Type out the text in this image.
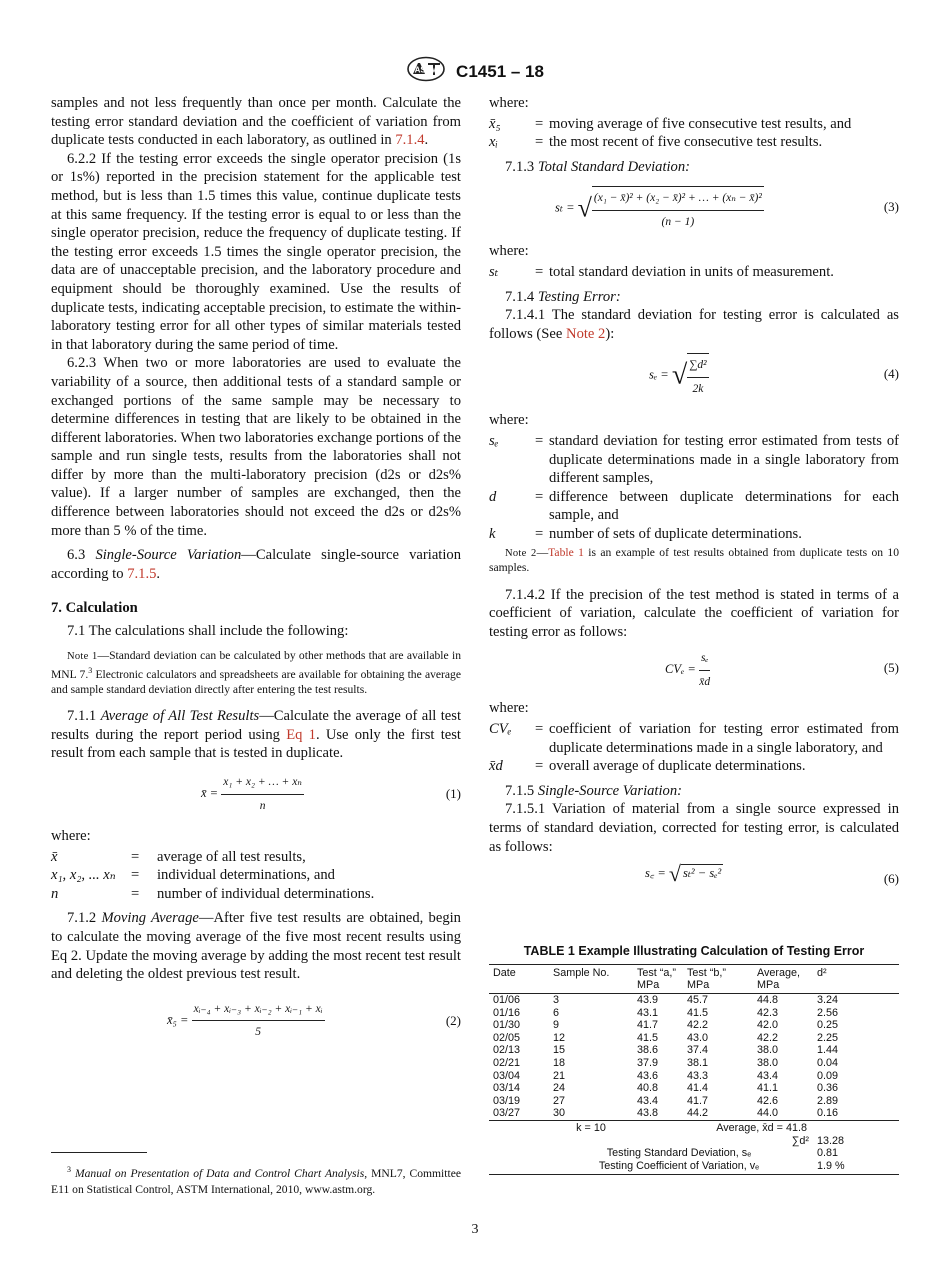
ASTM C1451 – 18

samples and not less frequently than once per month. Calculate the testing error standard deviation and the coefficient of variation from duplicate tests conducted in each laboratory, as outlined in 7.1.4.

6.2.2 If the testing error exceeds the single operator precision (1s or 1s%) reported in the precision statement for the applicable test method, but is less than 1.5 times this value, continue duplicate tests at this same frequency. If the testing error is equal to or less than the single operator precision, reduce the frequency of duplicate testing. If the testing error exceeds 1.5 times the single operator precision, the data are of unacceptable precision, and the laboratory procedure and equipment should be thoroughly examined. Use the results of duplicate tests, indicating acceptable precision, to estimate the within-laboratory testing error for all other types of similar materials tested in that laboratory during the same period of time.

6.2.3 When two or more laboratories are used to evaluate the variability of a source, then additional tests of a standard sample or exchanged portions of the same sample may be necessary to determine differences in testing that are likely to be obtained in the different laboratories. When two laboratories exchange portions of the sample and run single tests, results from the laboratories shall not differ by more than the multi-laboratory precision (d2s or d2s% value). If a larger number of samples are exchanged, then the difference between laboratories should not exceed the d2s or d2s% more than 5 % of the time.

6.3 Single-Source Variation—Calculate single-source variation according to 7.1.5.

7. Calculation

7.1 The calculations shall include the following:

Note 1—Standard deviation can be calculated by other methods that are available in MNL 7.$^3$ Electronic calculators and spreadsheets are available for obtaining the average and sample standard deviation directly after entering the test results.

7.1.1 Average of All Test Results—Calculate the average of all test results during the report period using Eq 1. Use only the first test result from each sample that is tested in duplicate.

x̄ = $\frac{\text{x₁ + x₂ + … + xₙ}}{n}$	(1)

where:

x̄	=	average of all test results,
x₁, x₂, ... xₙ	=	individual determinations, and
n	=	number of individual determinations.

7.1.2 Moving Average—After five test results are obtained, begin to calculate the moving average of the five most recent results using Eq 2. Update the moving average by adding the most recent test result and deleting the oldest previous test result.

x̄₅ = $\frac{\text{xᵢ₋₄ + xᵢ₋₃ + xᵢ₋₂ + xᵢ₋₁ + xᵢ}}{5}$	(2)
$^3$ Manual on Presentation of Data and Control Chart Analysis, MNL7, Committee E11 on Statistical Control, ASTM International, 2010, www.astm.org.

where:

x̄₅	= moving average of five consecutive test results, and
xᵢ	= the most recent of five consecutive test results.

7.1.3 Total Standard Deviation:

sₜ = √ $\frac{\text{(x₁ − x̄)² + (x₂ − x̄)² + … + (xₙ − x̄)²}}{(n - 1)}$	(3)

where:

sₜ	= total standard deviation in units of measurement.

7.1.4 Testing Error:

7.1.4.1 The standard deviation for testing error is calculated as follows (See Note 2):

sₑ = √ $\frac{\text{∑d²}}{2k}$	(4)

where:

sₑ	= standard deviation for testing error estimated from tests of duplicate determinations made in a single laboratory from different samples,
d	= difference between duplicate determinations for each sample, and
k	= number of sets of duplicate determinations.
Note 2—Table 1 is an example of test results obtained from duplicate tests on 10 samples.

7.1.4.2 If the precision of the test method is stated in terms of a coefficient of variation, calculate the coefficient of variation for testing error as follows:

$CV_e = \frac{\text{sₑ}}{x̄d}$	(5)

where:

CVₑ	= coefficient of variation for testing error estimated from duplicate determinations made in a single laboratory, and
x̄d	= overall average of duplicate determinations.

7.1.5 Single-Source Variation:

7.1.5.1 Variation of material from a single source expressed in terms of standard deviation, corrected for testing error, is calculated as follows:

s꜀ = √ sₜ² − sₑ²	(6)
TABLE 1 Example Illustrating Calculation of Testing Error
Date	Sample No.	Test “a,” MPa	Test “b,” MPa	Average, MPa	d²
01/06	3	43.9	45.7	44.8	3.24
01/16	6	43.1	41.5	42.3	2.56
01/30	9	41.7	42.2	42.0	0.25
02/05	12	41.5	43.0	42.2	2.25
02/13	15	38.6	37.4	38.0	1.44
02/21	18	37.9	38.1	38.0	0.04
03/04	21	43.6	43.3	43.4	0.09
03/14	24	40.8	41.4	41.1	0.36
03/19	27	43.4	41.7	42.6	2.89
03/27	30	43.8	44.2	44.0	0.16
	k = 10	Average, x̄d = 41.8			
				∑d²	13.28
Testing Standard Deviation, sₑ					0.81
Testing Coefficient of Variation, vₑ					1.9 %
3
